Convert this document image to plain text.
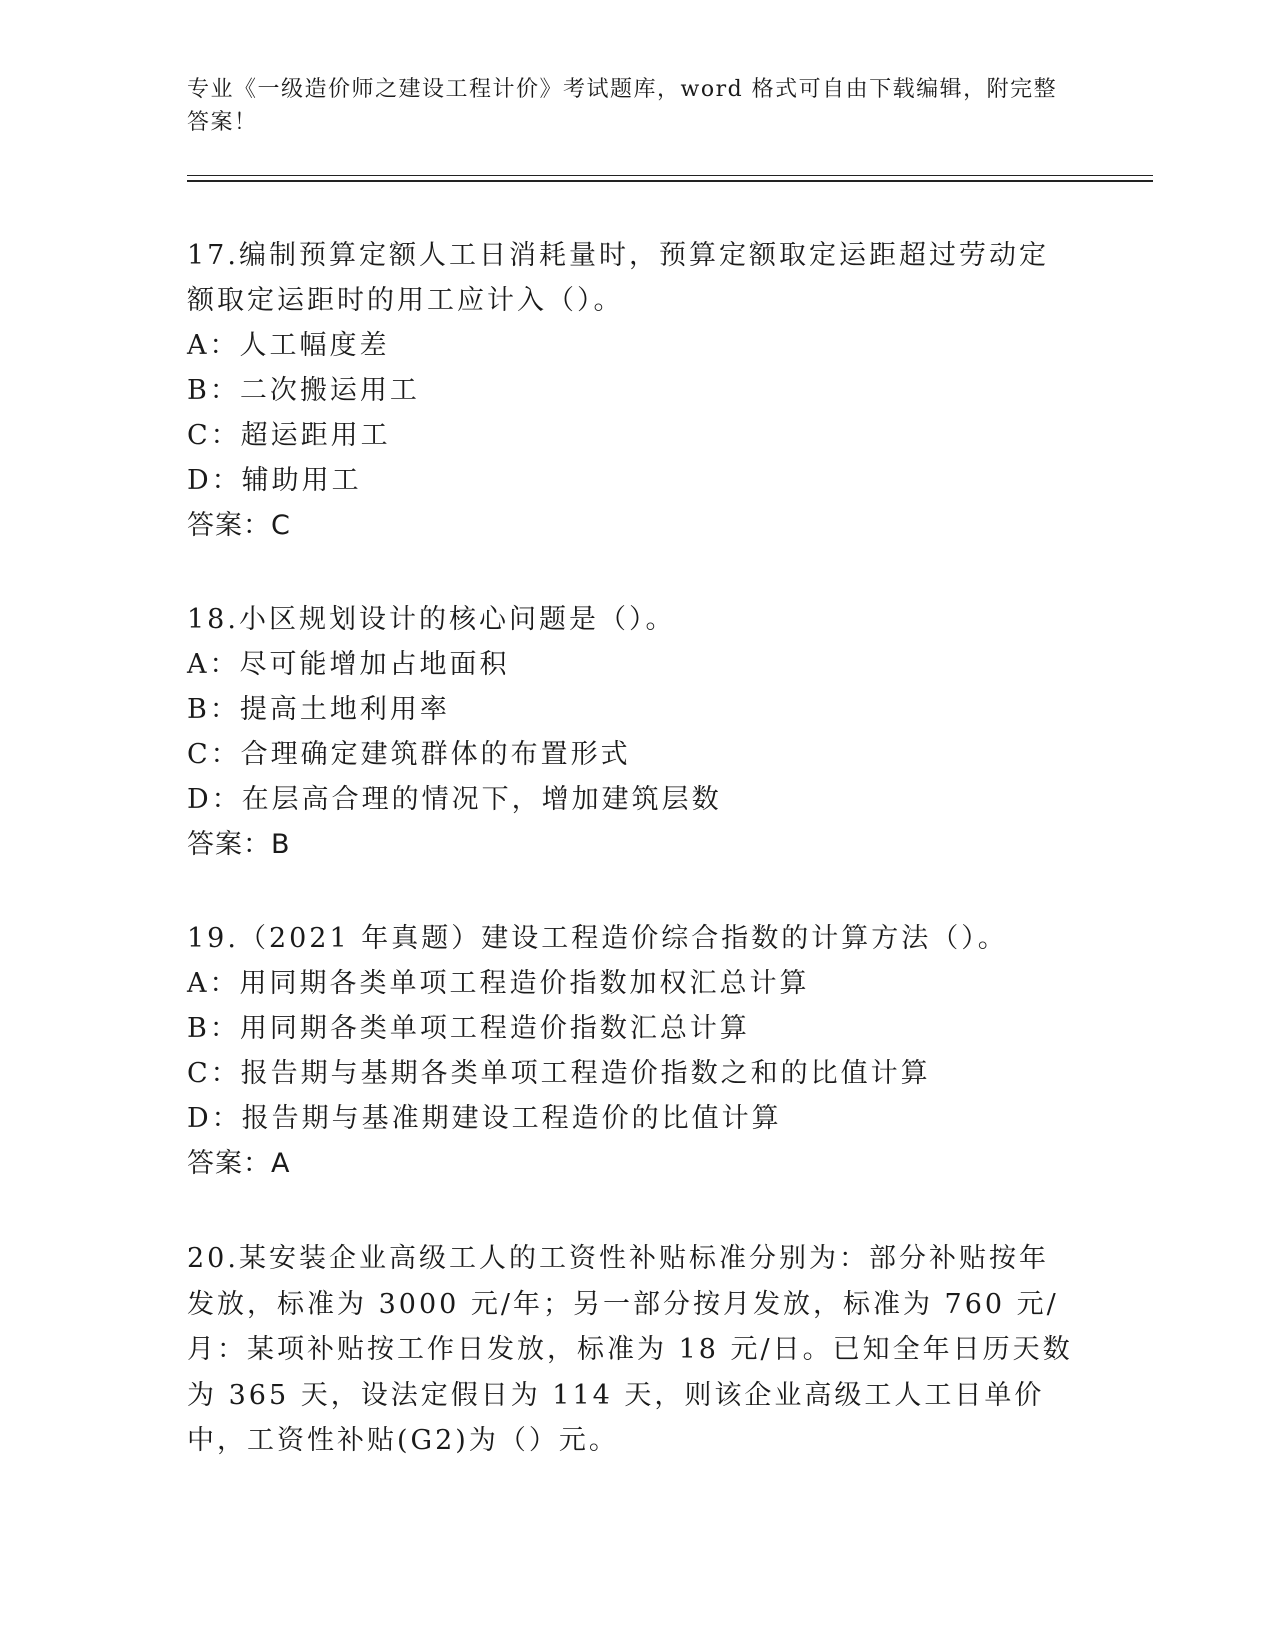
专业《一级造价师之建设工程计价》考试题库，word 格式可自由下载编辑，附完整答案！

17.编制预算定额人工日消耗量时，预算定额取定运距超过劳动定额取定运距时的用工应计入（）。

A：人工幅度差

B：二次搬运用工

C：超运距用工

D：辅助用工

答案：C

18.小区规划设计的核心问题是（）。

A：尽可能增加占地面积

B：提高土地利用率

C：合理确定建筑群体的布置形式

D：在层高合理的情况下，增加建筑层数

答案：B

19.（2021 年真题）建设工程造价综合指数的计算方法（）。

A：用同期各类单项工程造价指数加权汇总计算

B：用同期各类单项工程造价指数汇总计算

C：报告期与基期各类单项工程造价指数之和的比值计算

D：报告期与基准期建设工程造价的比值计算

答案：A

20.某安装企业高级工人的工资性补贴标准分别为：部分补贴按年发放，标准为 3000 元/年；另一部分按月发放，标准为 760 元/月：某项补贴按工作日发放，标准为 18 元/日。已知全年日历天数为 365 天，设法定假日为 114 天，则该企业高级工人工日单价中，工资性补贴(G2)为（）元。
